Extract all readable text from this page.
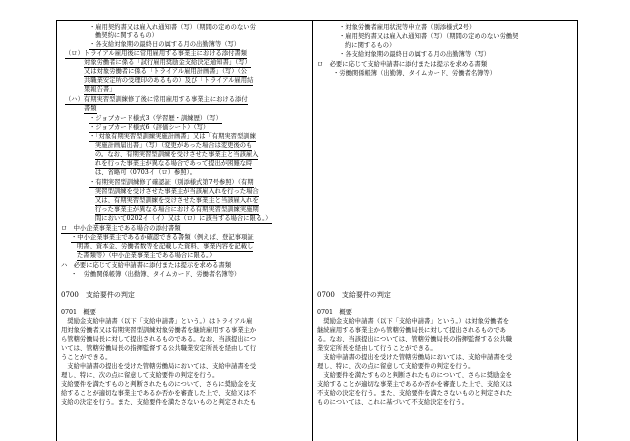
・雇用契約書又は雇入れ通知書（写）（期間の定めのない労
働契約に関するもの）
・各支給対象期の最終日の属する月の出勤簿等（写）
（ロ）トライアル雇用後に常用雇用する事業主における添付書類
対象労働者に係る「試行雇用奨励金支給決定通知書」（写）
又は対象労働者に係る「トライアル雇用計画書」（写）（公
共職業安定所の受理印のあるもの）及び「トライアル雇用結
果報告書」
（ハ）有期実習型訓練修了後に常用雇用する事業主における添付
書類
・ジョブカード様式3（学習歴・訓練歴）（写）
・ジョブカード様式6（評価シート）（写）
・「対象有期実習型訓練実施計画書」又は「有期実習型訓練
実施計画届出書」（写）（変更があった場合は変更後のも
の。なお、有期実習型訓練を受けさせた事業主と当該雇入
れを行った事業主が異なる場合であって提出が困難な時
は、省略可（0703イ（ロ）参照）。
・有期実習型訓練修了確認証（別添様式第7号参照）（有期
実習型訓練を受けさせた事業主が当該雇入れを行った場合
又は、有期実習型訓練を受けさせた事業主と当該雇入れを
行った事業主が異なる場合における有期実習型訓練実施期
間において0202イ（イ）又は（ロ）に該当する場合に限る。）
ロ　中小企業事業主である場合の添付書類
・中小企業事業主であるか確認できる書類（例えば、登記事項証
明書、資本金、労働者数等を記載した資料、事業内容を記載し
た書類等）（中小企業事業主である場合に限る。）
ハ　必要に応じて支給申請書に添付または提示を求める書類
・　労働関係帳簿（出勤簿、タイムカード、労働者名簿等）
0700　支給要件の判定
0701　概要
　奨励金支給申請書（以下「支給申請書」という。）はトライアル雇
用対象労働者又は有期実習型訓練対象労働者を継続雇用する事業主か
ら管轄労働局長に対して提出されるものである。なお、当該提出につ
いては、管轄労働局長の指揮監督する公共職業安定所長を経由して行
うことができる。
　支給申請書の提出を受けた管轄労働局においては、支給申請書を受
理し、特に、次の点に留意して支給要件の判定を行う。
支給要件を満たすものと判断されたものについて、さらに奨励金を支
給することが適切な事業主であるか否かを審査した上で、支給又は不
支給の決定を行う。また、支給要件を満たさないものと判定されたも
・対象労働者雇用状況等申立書（別添様式2号）
・雇用契約書又は雇入れ通知書（写）（期間の定めのない労働契
約に関するもの）
・各支給対象期の最終日の属する月の出勤簿等（写）
ロ　必要に応じて支給申請書に添付または提示を求める書類
・労働関係帳簿（出勤簿、タイムカード、労働者名簿等）
0700　支給要件の判定
0701　概要
　奨励金支給申請書（以下「支給申請書」という。）は対象労働者を
継続雇用する事業主から管轄労働局長に対して提出されるものであ
る。なお、当該提出については、管轄労働局長の指揮監督する公共職
業安定所長を経由して行うことができる。
　支給申請書の提出を受けた管轄労働局においては、支給申請書を受
理し、特に、次の点に留意して支給要件の判定を行う。
　支給要件を満たすものと判断されたものについて、さらに奨励金を
支給することが適切な事業主であるか否かを審査した上で、支給又は
不支給の決定を行う。また、支給要件を満たさないものと判定された
ものについては、これに基づいて不支給決定を行う。
